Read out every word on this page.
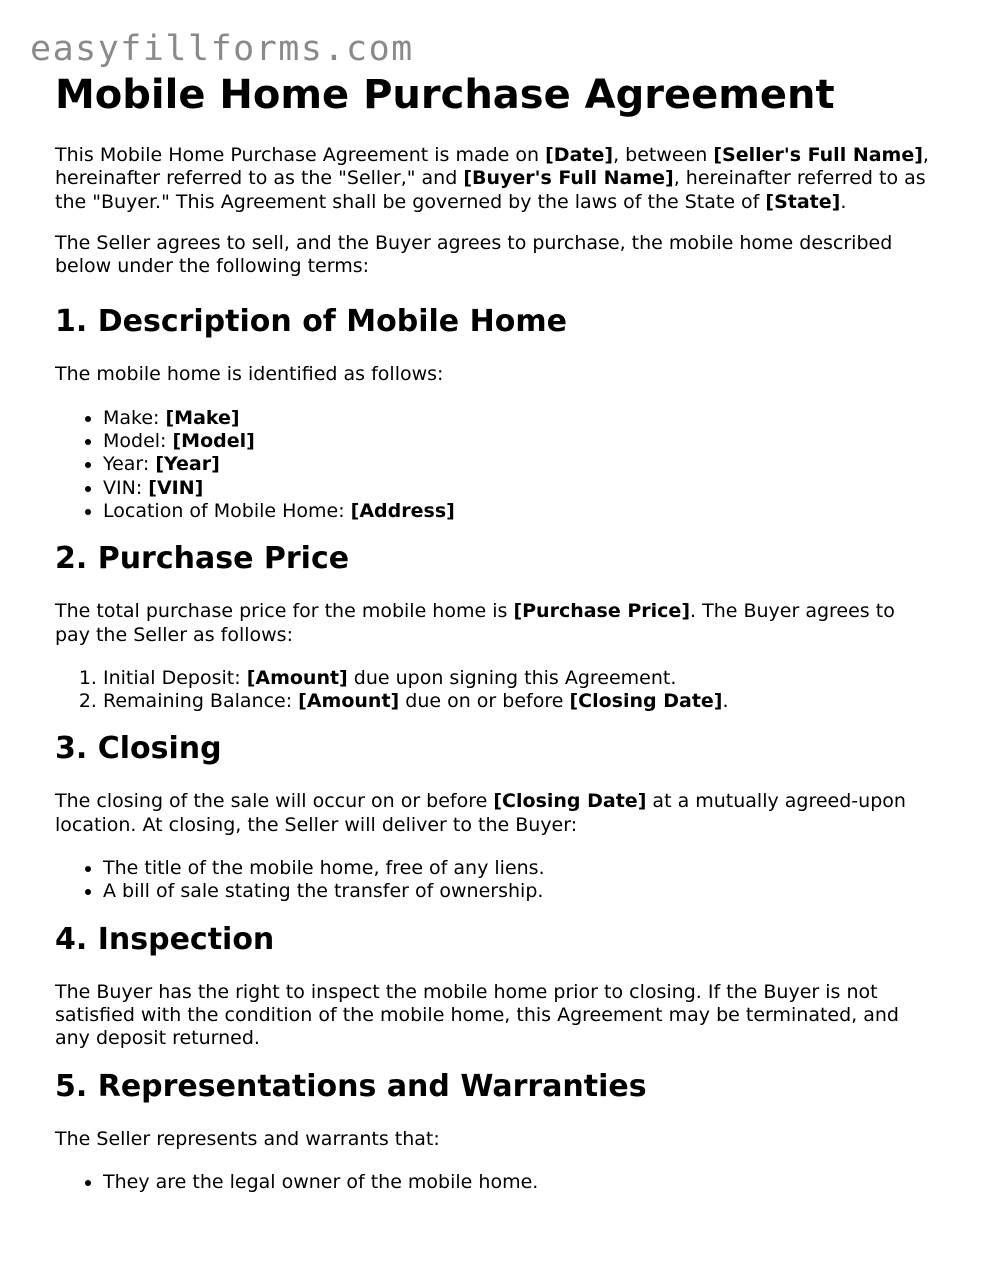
easyfillforms.com
Mobile Home Purchase Agreement

This Mobile Home Purchase Agreement is made on [Date], between [Seller's Full Name], hereinafter referred to as the "Seller," and [Buyer's Full Name], hereinafter referred to as the "Buyer." This Agreement shall be governed by the laws of the State of [State].

The Seller agrees to sell, and the Buyer agrees to purchase, the mobile home described below under the following terms:

1. Description of Mobile Home

The mobile home is identified as follows:

• Make: [Make]
• Model: [Model]
• Year: [Year]
• VIN: [VIN]
• Location of Mobile Home: [Address]
2. Purchase Price

The total purchase price for the mobile home is [Purchase Price]. The Buyer agrees to pay the Seller as follows:

1. Initial Deposit: [Amount] due upon signing this Agreement.
2. Remaining Balance: [Amount] due on or before [Closing Date].
3. Closing

The closing of the sale will occur on or before [Closing Date] at a mutually agreed-upon location. At closing, the Seller will deliver to the Buyer:

• The title of the mobile home, free of any liens.
• A bill of sale stating the transfer of ownership.
4. Inspection

The Buyer has the right to inspect the mobile home prior to closing. If the Buyer is not satisfied with the condition of the mobile home, this Agreement may be terminated, and any deposit returned.

5. Representations and Warranties

The Seller represents and warrants that:

• They are the legal owner of the mobile home.
